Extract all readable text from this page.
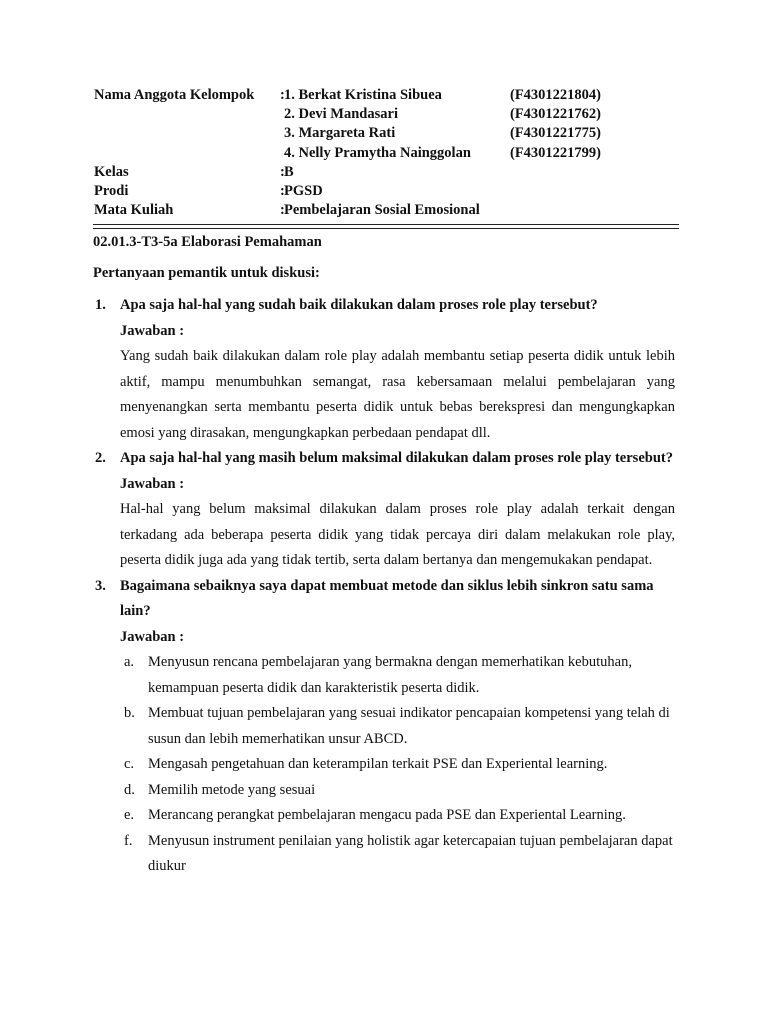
Nama Anggota Kelompok : 1. Berkat Kristina Sibuea	(F4301221804)
2. Devi Mandasari	(F4301221762)
3. Margareta Rati	(F4301221775)
4. Nelly Pramytha Nainggolan	(F4301221799)
Kelas	: B
Prodi	: PGSD
Mata Kuliah	: Pembelajaran Sosial Emosional
02.01.3-T3-5a Elaborasi Pemahaman
Pertanyaan pemantik untuk diskusi:
1. Apa saja hal-hal yang sudah baik dilakukan dalam proses role play tersebut?
Jawaban :
Yang sudah baik dilakukan dalam role play adalah membantu setiap peserta didik untuk lebih aktif, mampu menumbuhkan semangat, rasa kebersamaan melalui pembelajaran yang menyenangkan serta membantu peserta didik untuk bebas berekspresi dan mengungkapkan emosi yang dirasakan, mengungkapkan perbedaan pendapat dll.
2. Apa saja hal-hal yang masih belum maksimal dilakukan dalam proses role play tersebut?
Jawaban :
Hal-hal yang belum maksimal dilakukan dalam proses role play adalah terkait dengan terkadang ada beberapa peserta didik yang tidak percaya diri dalam melakukan role play, peserta didik juga ada yang tidak tertib, serta dalam bertanya dan mengemukakan pendapat.
3. Bagaimana sebaiknya saya dapat membuat metode dan siklus lebih sinkron satu sama lain?
Jawaban :
a. Menyusun rencana pembelajaran yang bermakna dengan memerhatikan kebutuhan, kemampuan peserta didik dan karakteristik peserta didik.
b. Membuat tujuan pembelajaran yang sesuai indikator pencapaian kompetensi yang telah di susun dan lebih memerhatikan unsur ABCD.
c. Mengasah pengetahuan dan keterampilan terkait PSE dan Experiental learning.
d. Memilih metode yang sesuai
e. Merancang perangkat pembelajaran mengacu pada PSE dan Experiental Learning.
f. Menyusun instrument penilaian yang holistik agar ketercapaian tujuan pembelajaran dapat diukur
